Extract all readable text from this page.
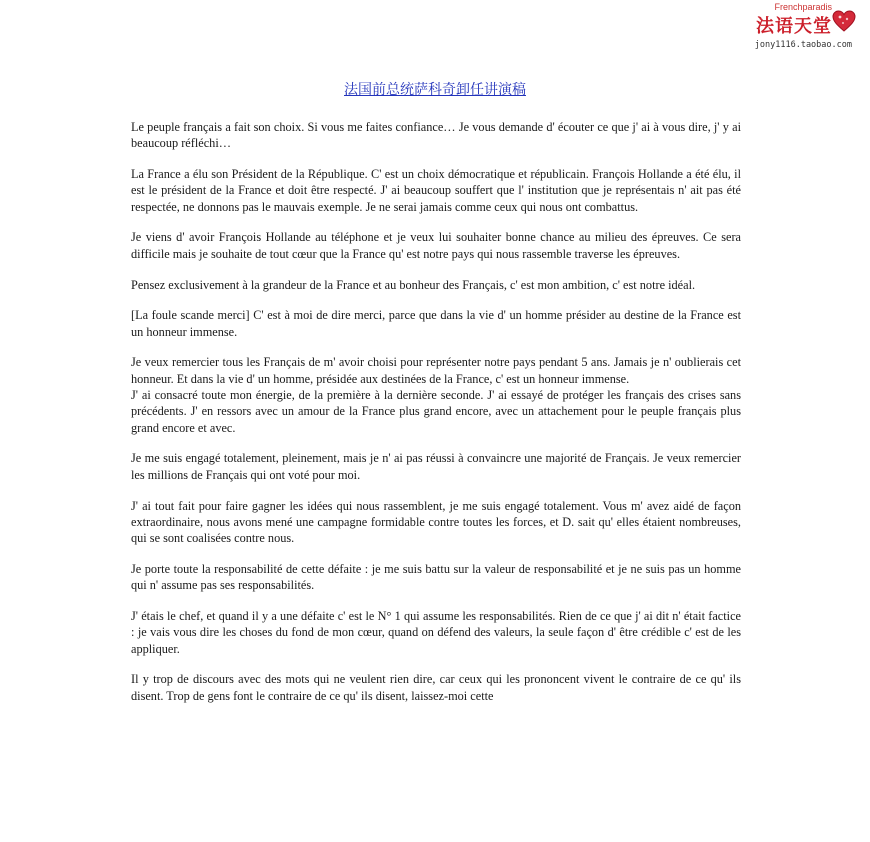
Frenchparadis
法语天堂
jony1116.taobao.com
法国前总统萨科奇卸任讲演稿

Le peuple français a fait son choix. Si vous me faites confiance… Je vous demande d' écouter ce que j' ai à vous dire, j' y ai beaucoup réfléchi…

La France a élu son Président de la République. C' est un choix démocratique et républicain. François Hollande a été élu, il est le président de la France et doit être respecté. J' ai beaucoup souffert que l' institution que je représentais n' ait pas été respectée, ne donnons pas le mauvais exemple. Je ne serai jamais comme ceux qui nous ont combattus.

Je viens d' avoir François Hollande au téléphone et je veux lui souhaiter bonne chance au milieu des épreuves. Ce sera difficile mais je souhaite de tout cœur que la France qu' est notre pays qui nous rassemble traverse les épreuves.

Pensez exclusivement à la grandeur de la France et au bonheur des Français, c' est mon ambition, c' est notre idéal.

[La foule scande merci] C' est à moi de dire merci, parce que dans la vie d' un homme présider au destine de la France est un honneur immense.

Je veux remercier tous les Français de m' avoir choisi pour représenter notre pays pendant 5 ans. Jamais je n' oublierais cet honneur. Et dans la vie d' un homme, présidée aux destinées de la France, c' est un honneur immense.

J' ai consacré toute mon énergie, de la première à la dernière seconde. J' ai essayé de protéger les français des crises sans précédents. J' en ressors avec un amour de la France plus grand encore, avec un attachement pour le peuple français plus grand encore et avec.

Je me suis engagé totalement, pleinement, mais je n' ai pas réussi à convaincre une majorité de Français. Je veux remercier les millions de Français qui ont voté pour moi.

J' ai tout fait pour faire gagner les idées qui nous rassemblent, je me suis engagé totalement. Vous m' avez aidé de façon extraordinaire, nous avons mené une campagne formidable contre toutes les forces, et D. sait qu' elles étaient nombreuses, qui se sont coalisées contre nous.

Je porte toute la responsabilité de cette défaite : je me suis battu sur la valeur de responsabilité et je ne suis pas un homme qui n' assume pas ses responsabilités.

J' étais le chef, et quand il y a une défaite c' est le N° 1 qui assume les responsabilités. Rien de ce que j' ai dit n' était factice : je vais vous dire les choses du fond de mon cœur, quand on défend des valeurs, la seule façon d' être crédible c' est de les appliquer.

Il y trop de discours avec des mots qui ne veulent rien dire, car ceux qui les prononcent vivent le contraire de ce qu' ils disent. Trop de gens font le contraire de ce qu' ils disent, laissez-moi cette
